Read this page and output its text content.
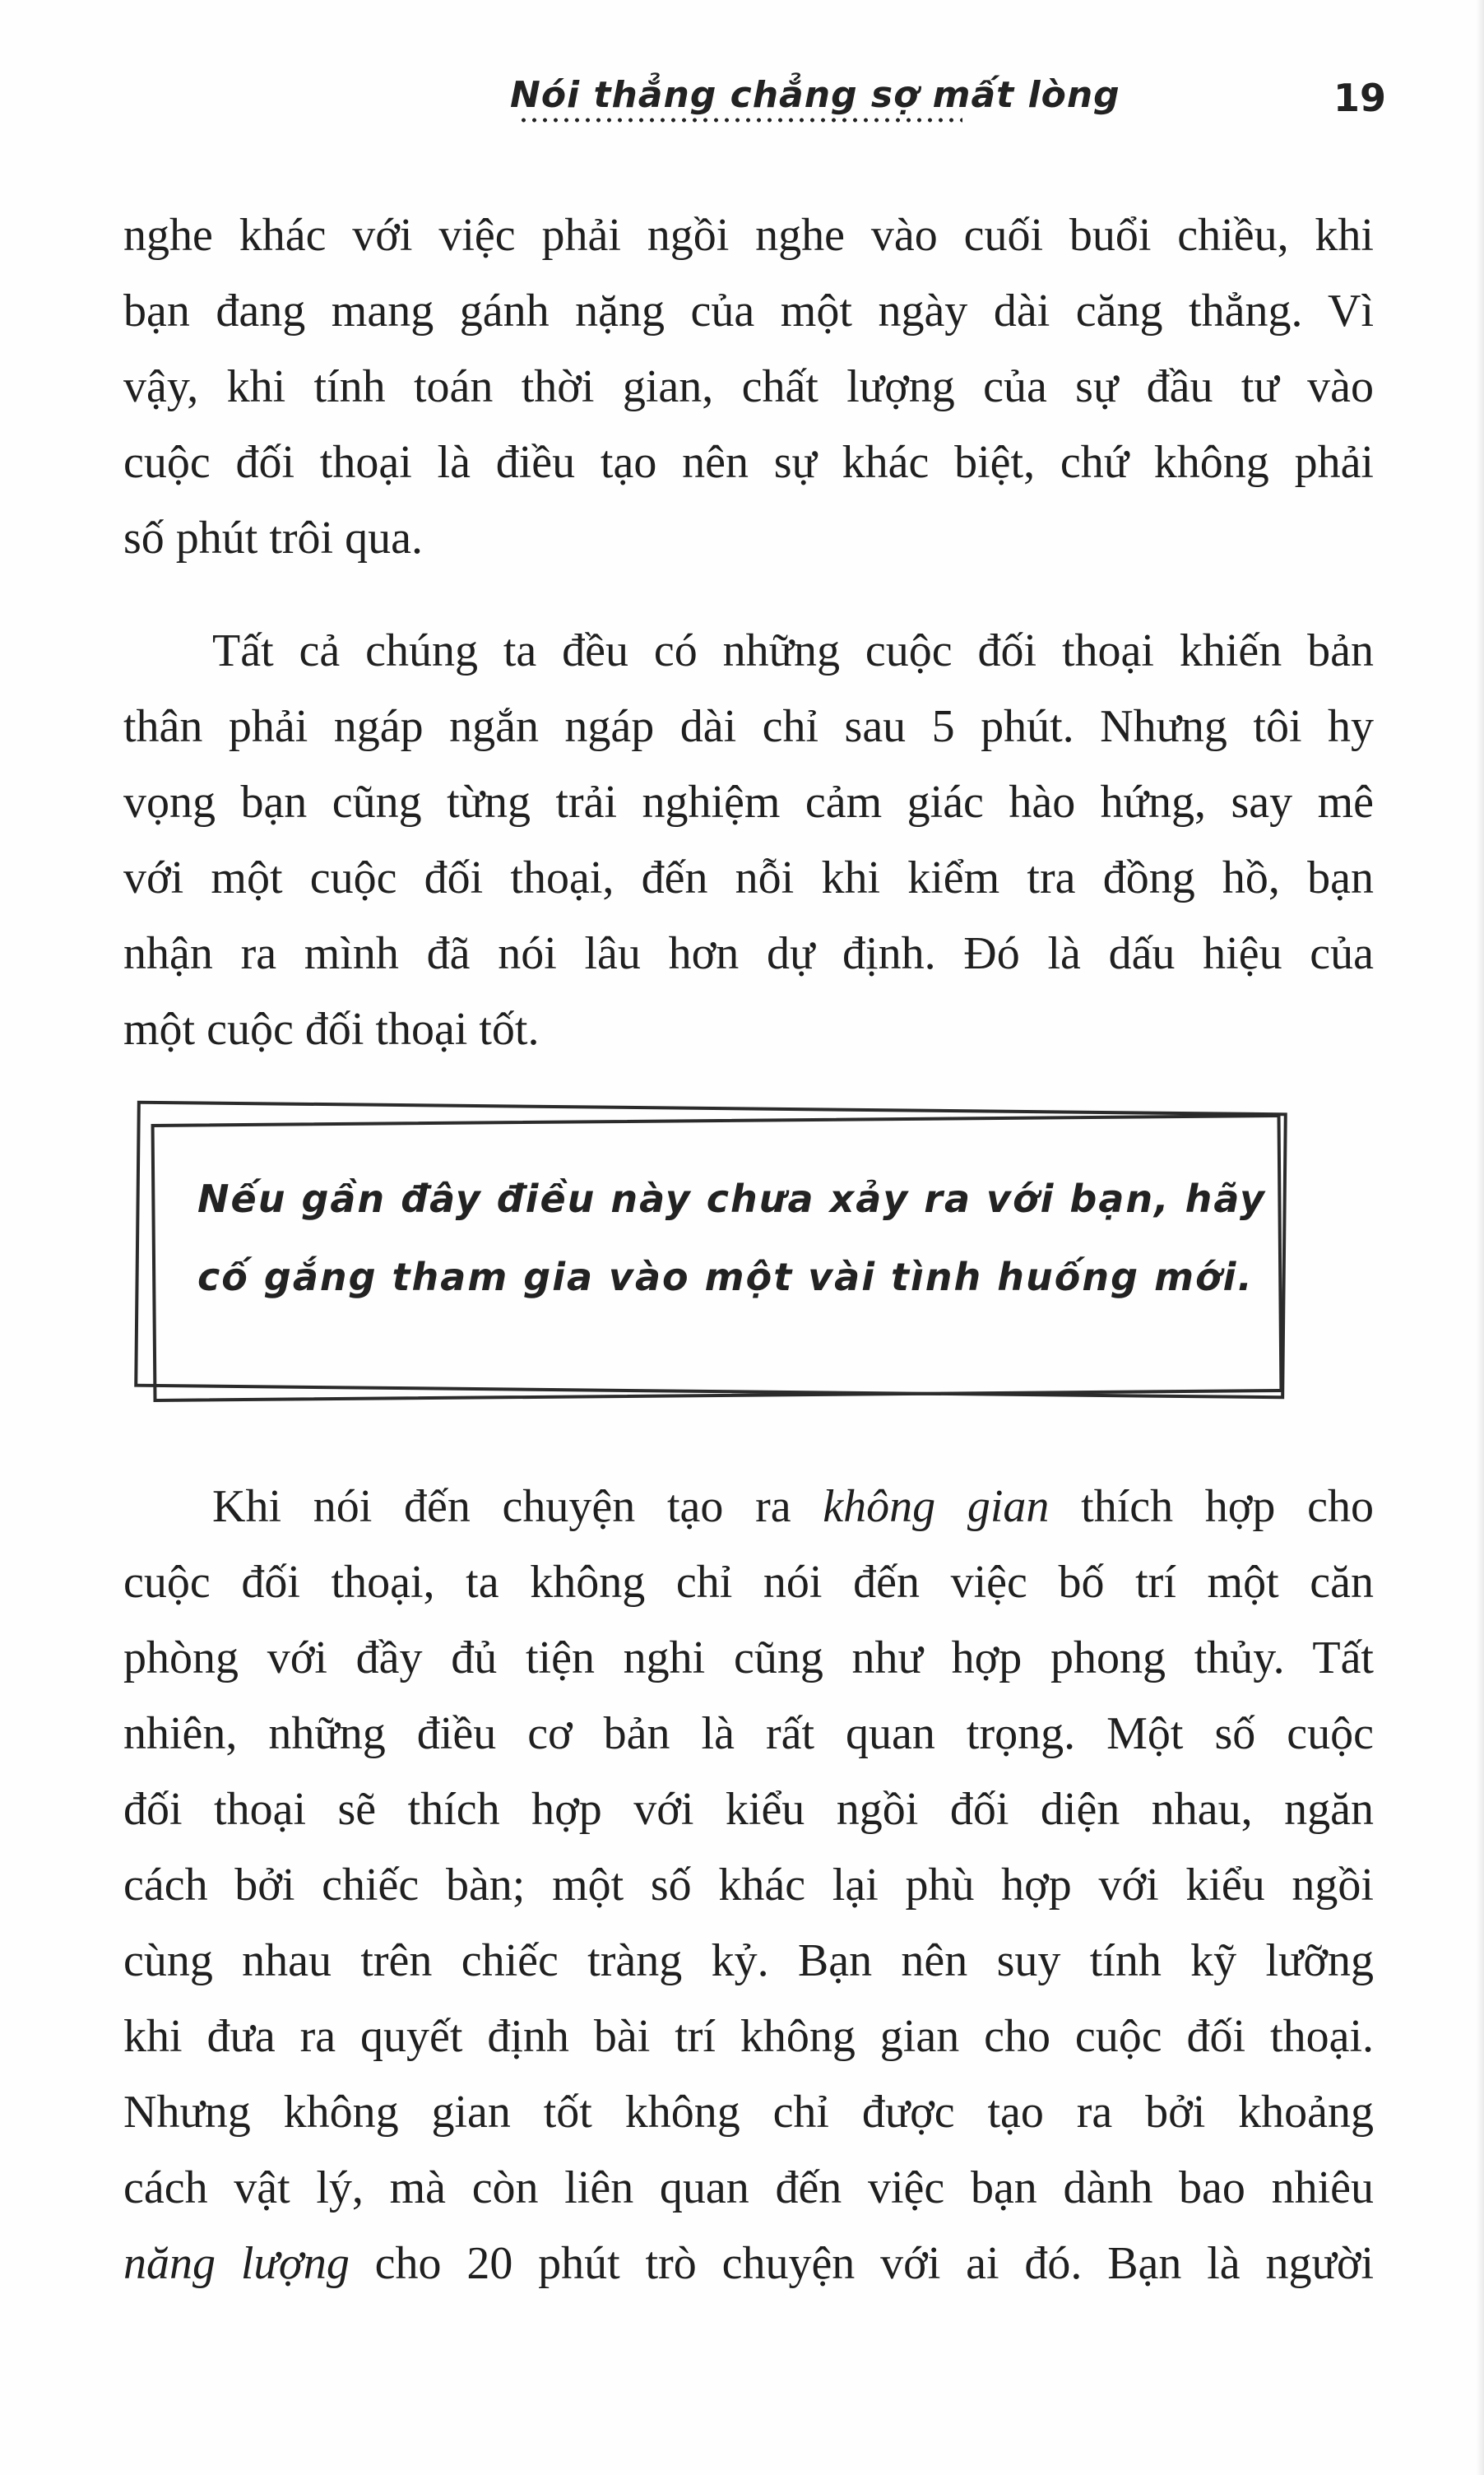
Nói thẳng chẳng sợ mất lòng	19
nghe khác với việc phải ngồi nghe vào cuối buổi chiều, khi
bạn đang mang gánh nặng của một ngày dài căng thẳng. Vì
vậy, khi tính toán thời gian, chất lượng của sự đầu tư vào
cuộc đối thoại là điều tạo nên sự khác biệt, chứ không phải
số phút trôi qua.
Tất cả chúng ta đều có những cuộc đối thoại khiến bản
thân phải ngáp ngắn ngáp dài chỉ sau 5 phút. Nhưng tôi hy
vọng bạn cũng từng trải nghiệm cảm giác hào hứng, say mê
với một cuộc đối thoại, đến nỗi khi kiểm tra đồng hồ, bạn
nhận ra mình đã nói lâu hơn dự định. Đó là dấu hiệu của
một cuộc đối thoại tốt.
Nếu gần đây điều này chưa xảy ra với bạn, hãy
cố gắng tham gia vào một vài tình huống mới.
Khi nói đến chuyện tạo ra không gian thích hợp cho
cuộc đối thoại, ta không chỉ nói đến việc bố trí một căn
phòng với đầy đủ tiện nghi cũng như hợp phong thủy. Tất
nhiên, những điều cơ bản là rất quan trọng. Một số cuộc
đối thoại sẽ thích hợp với kiểu ngồi đối diện nhau, ngăn
cách bởi chiếc bàn; một số khác lại phù hợp với kiểu ngồi
cùng nhau trên chiếc tràng kỷ. Bạn nên suy tính kỹ lưỡng
khi đưa ra quyết định bài trí không gian cho cuộc đối thoại.
Nhưng không gian tốt không chỉ được tạo ra bởi khoảng
cách vật lý, mà còn liên quan đến việc bạn dành bao nhiêu
năng lượng cho 20 phút trò chuyện với ai đó. Bạn là người
